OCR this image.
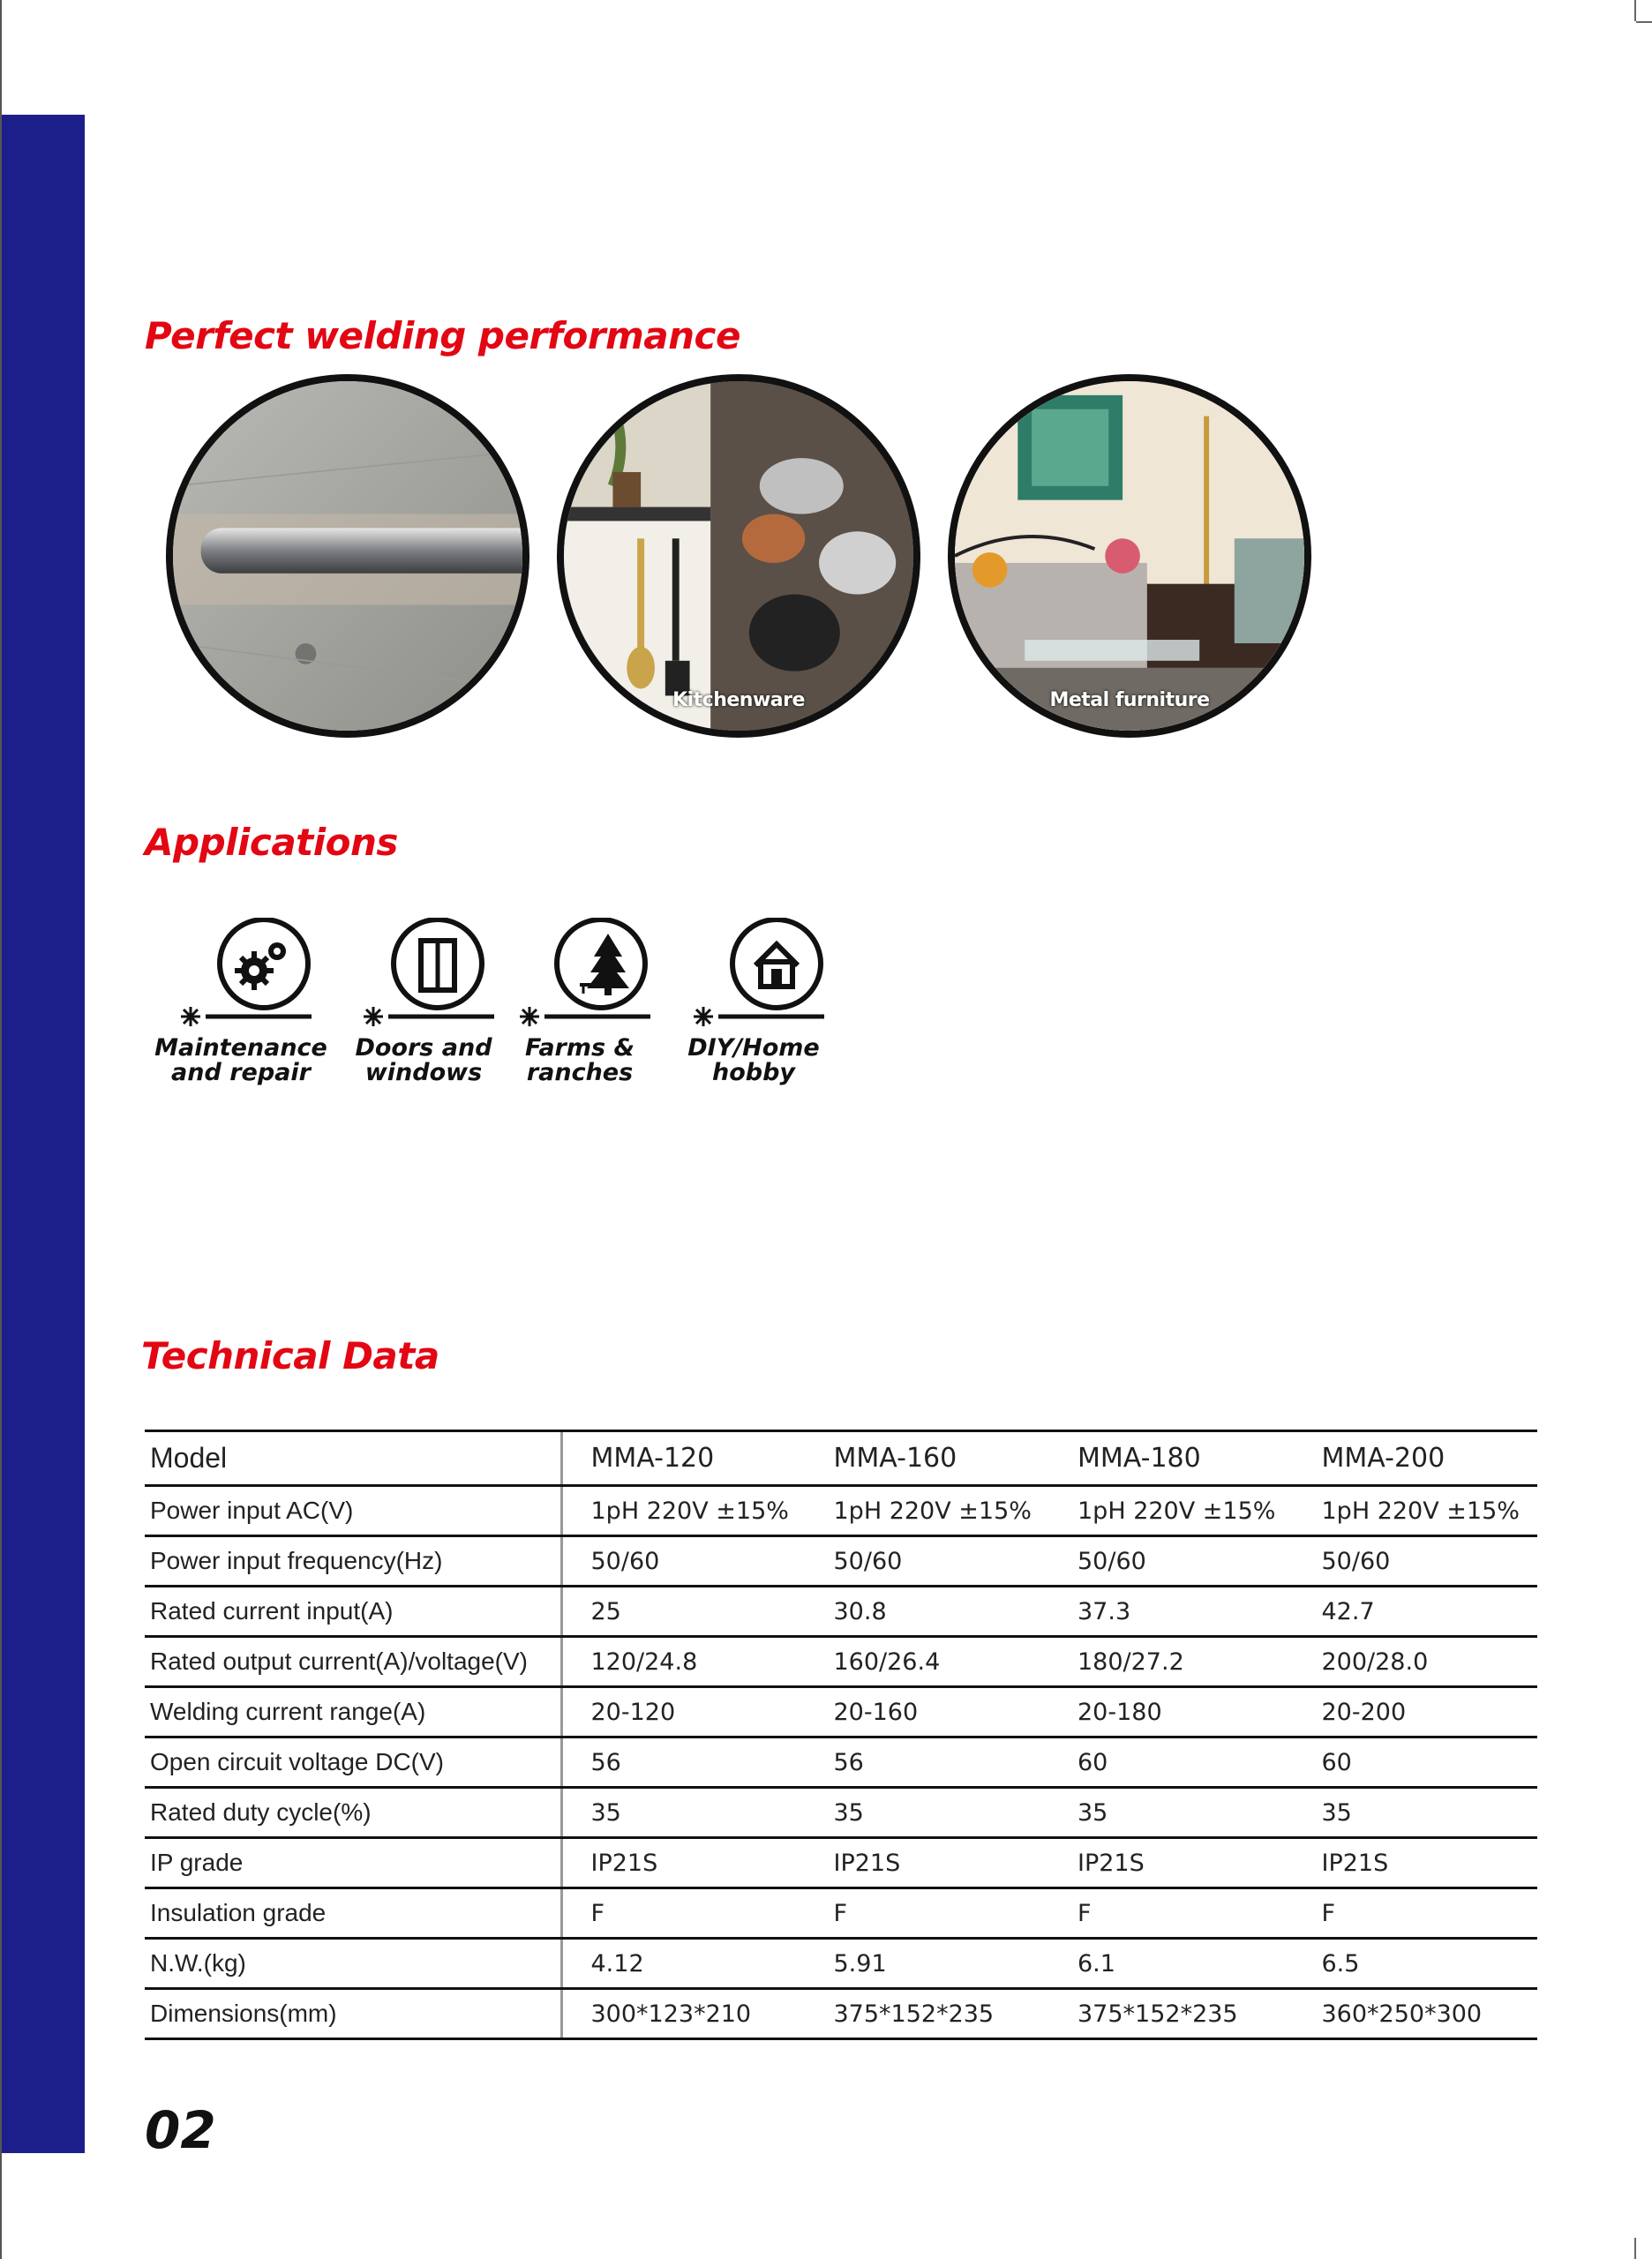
Perfect welding performance
Kitchenware	Metal furniture
Applications
Maintenance
and repair
Doors and
windows
Farms &
ranches
DIY/Home
hobby
Technical Data
Model	MMA-120	MMA-160	MMA-180	MMA-200
Power input AC(V)	1pH 220V ±15%	1pH 220V ±15%	1pH 220V ±15%	1pH 220V ±15%
Power input frequency(Hz)	50/60	50/60	50/60	50/60
Rated current input(A)	25	30.8	37.3	42.7
Rated output current(A)/voltage(V)	120/24.8	160/26.4	180/27.2	200/28.0
Welding current range(A)	20-120	20-160	20-180	20-200
Open circuit voltage DC(V)	56	56	60	60
Rated duty cycle(%)	35	35	35	35
IP grade	IP21S	IP21S	IP21S	IP21S
Insulation grade	F	F	F	F
N.W.(kg)	4.12	5.91	6.1	6.5
Dimensions(mm)	300*123*210	375*152*235	375*152*235	360*250*300
02
